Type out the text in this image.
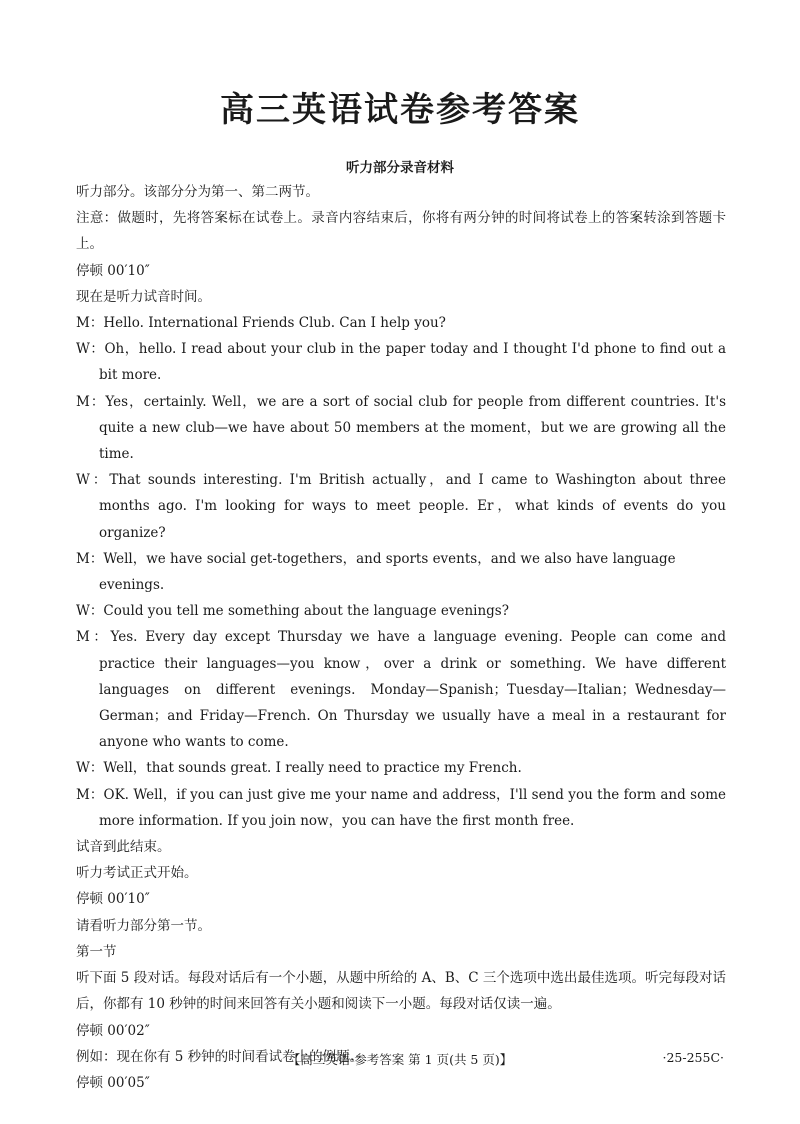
高三英语试卷参考答案
听力部分录音材料

听力部分。该部分分为第一、第二两节。

注意：做题时，先将答案标在试卷上。录音内容结束后，你将有两分钟的时间将试卷上的答案转涂到答题卡上。

停顿 00′10″

现在是听力试音时间。

M：Hello. International Friends Club. Can I help you?

W：Oh，hello. I read about your club in the paper today and I thought I'd phone to find out a bit more.

M：Yes，certainly. Well，we are a sort of social club for people from different countries. It's quite a new club—we have about 50 members at the moment，but we are growing all the time.

W：That sounds interesting. I'm British actually，and I came to Washington about three months ago. I'm looking for ways to meet people. Er，what kinds of events do you organize?

M：Well，we have social get-togethers，and sports events，and we also have language evenings.

W：Could you tell me something about the language evenings?

M：Yes. Every day except Thursday we have a language evening. People can come and practice their languages—you know，over a drink or something. We have different languages on different evenings. Monday—Spanish；Tuesday—Italian；Wednesday—German；and Friday—French. On Thursday we usually have a meal in a restaurant for anyone who wants to come.

W：Well，that sounds great. I really need to practice my French.

M：OK. Well，if you can just give me your name and address，I'll send you the form and some more information. If you join now，you can have the first month free.

试音到此结束。

听力考试正式开始。

停顿 00′10″

请看听力部分第一节。

第一节

听下面 5 段对话。每段对话后有一个小题，从题中所给的 A、B、C 三个选项中选出最佳选项。听完每段对话后，你都有 10 秒钟的时间来回答有关小题和阅读下一小题。每段对话仅读一遍。

停顿 00′02″

例如：现在你有 5 秒钟的时间看试卷上的例题。

停顿 00′05″

【高三英语·参考答案 第 1 页(共 5 页)】	·25-255C·
